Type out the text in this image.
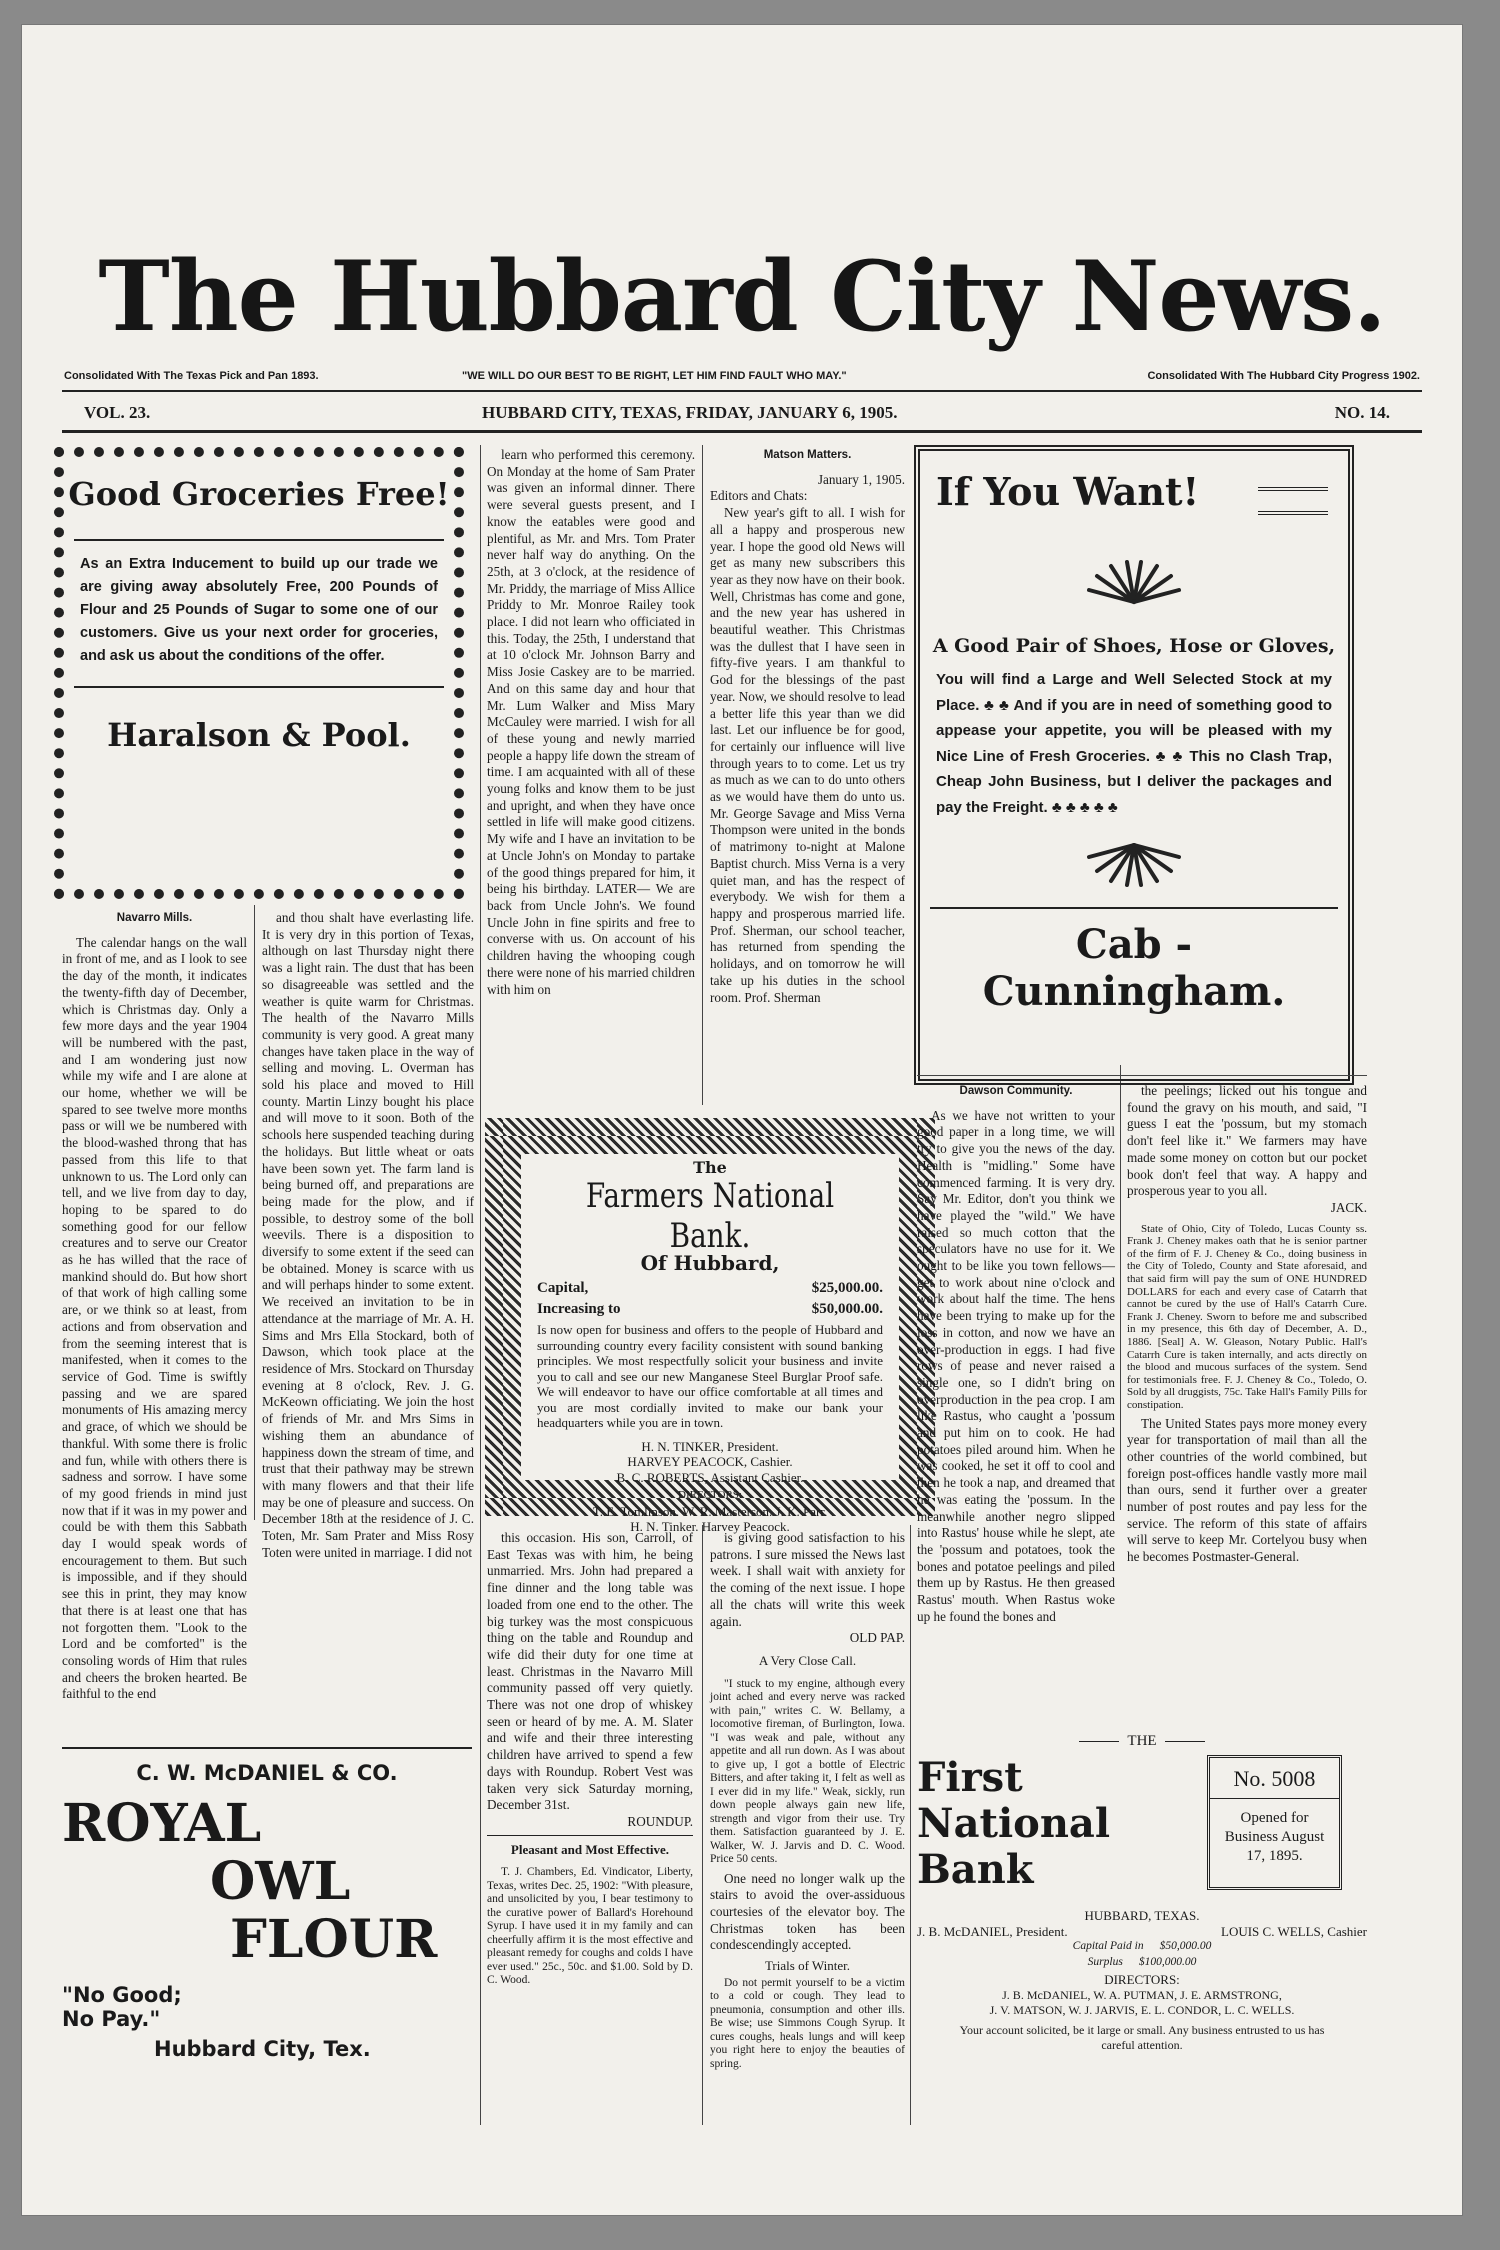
The Hubbard City News.
Consolidated With The Texas Pick and Pan 1893.	"WE WILL DO OUR BEST TO BE RIGHT, LET HIM FIND FAULT WHO MAY."	Consolidated With The Hubbard City Progress 1902.
VOL. 23.	HUBBARD CITY, TEXAS, FRIDAY, JANUARY 6, 1905.	NO. 14.
Good Groceries Free!
As an Extra Inducement to build up our trade we are giving away absolutely Free, 200 Pounds of Flour and 25 Pounds of Sugar to some one of our customers. Give us your next order for groceries, and ask us about the conditions of the offer.
Haralson & Pool.
If You Want!
A Good Pair of Shoes, Hose or Gloves,
You will find a Large and Well Selected Stock at my Place. ♣ ♣ And if you are in need of something good to appease your appetite, you will be pleased with my Nice Line of Fresh Groceries. ♣ ♣ This no Clash Trap, Cheap John Business, but I deliver the packages and pay the Freight. ♣ ♣ ♣ ♣ ♣
Cab - Cunningham.
Navarro Mills.

The calendar hangs on the wall in front of me, and as I look to see the day of the month, it indicates the twenty-fifth day of December, which is Christmas day. Only a few more days and the year 1904 will be numbered with the past, and I am wondering just now while my wife and I are alone at our home, whether we will be spared to see twelve more months pass or will we be numbered with the blood-washed throng that has passed from this life to that unknown to us. The Lord only can tell, and we live from day to day, hoping to be spared to do something good for our fellow creatures and to serve our Creator as he has willed that the race of mankind should do. But how short of that work of high calling some are, or we think so at least, from actions and from observation and from the seeming interest that is manifested, when it comes to the service of God. Time is swiftly passing and we are spared monuments of His amazing mercy and grace, of which we should be thankful. With some there is frolic and fun, while with others there is sadness and sorrow. I have some of my good friends in mind just now that if it was in my power and could be with them this Sabbath day I would speak words of encouragement to them. But such is impossible, and if they should see this in print, they may know that there is at least one that has not forgotten them. "Look to the Lord and be comforted" is the consoling words of Him that rules and cheers the broken hearted. Be faithful to the end

and thou shalt have everlasting life. It is very dry in this portion of Texas, although on last Thursday night there was a light rain. The dust that has been so disagreeable was settled and the weather is quite warm for Christmas. The health of the Navarro Mills community is very good. A great many changes have taken place in the way of selling and moving. L. Overman has sold his place and moved to Hill county. Martin Linzy bought his place and will move to it soon. Both of the schools here suspended teaching during the holidays. But little wheat or oats have been sown yet. The farm land is being burned off, and preparations are being made for the plow, and if possible, to destroy some of the boll weevils. There is a disposition to diversify to some extent if the seed can be obtained. Money is scarce with us and will perhaps hinder to some extent. We received an invitation to be in attendance at the marriage of Mr. A. H. Sims and Mrs Ella Stockard, both of Dawson, which took place at the residence of Mrs. Stockard on Thursday evening at 8 o'clock, Rev. J. G. McKeown officiating. We join the host of friends of Mr. and Mrs Sims in wishing them an abundance of happiness down the stream of time, and trust that their pathway may be strewn with many flowers and that their life may be one of pleasure and success. On December 18th at the residence of J. C. Toten, Mr. Sam Prater and Miss Rosy Toten were united in marriage. I did not

learn who performed this ceremony. On Monday at the home of Sam Prater was given an informal dinner. There were several guests present, and I know the eatables were good and plentiful, as Mr. and Mrs. Tom Prater never half way do anything. On the 25th, at 3 o'clock, at the residence of Mr. Priddy, the marriage of Miss Allice Priddy to Mr. Monroe Railey took place. I did not learn who officiated in this. Today, the 25th, I understand that at 10 o'clock Mr. Johnson Barry and Miss Josie Caskey are to be married. And on this same day and hour that Mr. Lum Walker and Miss Mary McCauley were married. I wish for all of these young and newly married people a happy life down the stream of time. I am acquainted with all of these young folks and know them to be just and upright, and when they have once settled in life will make good citizens. My wife and I have an invitation to be at Uncle John's on Monday to partake of the good things prepared for him, it being his birthday. LATER— We are back from Uncle John's. We found Uncle John in fine spirits and free to converse with us. On account of his children having the whooping cough there were none of his married children with him on

this occasion. His son, Carroll, of East Texas was with him, he being unmarried. Mrs. John had prepared a fine dinner and the long table was loaded from one end to the other. The big turkey was the most conspicuous thing on the table and Roundup and wife did their duty for one time at least. Christmas in the Navarro Mill community passed off very quietly. There was not one drop of whiskey seen or heard of by me. A. M. Slater and wife and their three interesting children have arrived to spend a few days with Roundup. Robert Vest was taken very sick Saturday morning, December 31st.

ROUNDUP.
Pleasant and Most Effective.

T. J. Chambers, Ed. Vindicator, Liberty, Texas, writes Dec. 25, 1902: "With pleasure, and unsolicited by you, I bear testimony to the curative power of Ballard's Horehound Syrup. I have used it in my family and can cheerfully affirm it is the most effective and pleasant remedy for coughs and colds I have ever used." 25c., 50c. and $1.00. Sold by D. C. Wood.

Matson Matters.
January 1, 1905.
Editors and Chats:

New year's gift to all. I wish for all a happy and prosperous new year. I hope the good old News will get as many new subscribers this year as they now have on their book. Well, Christmas has come and gone, and the new year has ushered in beautiful weather. This Christmas was the dullest that I have seen in fifty-five years. I am thankful to God for the blessings of the past year. Now, we should resolve to lead a better life this year than we did last. Let our influence be for good, for certainly our influence will live through years to to come. Let us try as much as we can to do unto others as we would have them do unto us. Mr. George Savage and Miss Verna Thompson were united in the bonds of matrimony to-night at Malone Baptist church. Miss Verna is a very quiet man, and has the respect of everybody. We wish for them a happy and prosperous married life. Prof. Sherman, our school teacher, has returned from spending the holidays, and on tomorrow he will take up his duties in the school room. Prof. Sherman

is giving good satisfaction to his patrons. I sure missed the News last week. I shall wait with anxiety for the coming of the next issue. I hope all the chats will write this week again.

OLD PAP.
A Very Close Call.

"I stuck to my engine, although every joint ached and every nerve was racked with pain," writes C. W. Bellamy, a locomotive fireman, of Burlington, Iowa. "I was weak and pale, without any appetite and all run down. As I was about to give up, I got a bottle of Electric Bitters, and after taking it, I felt as well as I ever did in my life." Weak, sickly, run down people always gain new life, strength and vigor from their use. Try them. Satisfaction guaranteed by J. E. Walker, W. J. Jarvis and D. C. Wood. Price 50 cents.

One need no longer walk up the stairs to avoid the over-assiduous courtesies of the elevator boy. The Christmas token has been condescendingly accepted.

Trials of Winter.

Do not permit yourself to be a victim to a cold or cough. They lead to pneumonia, consumption and other ills. Be wise; use Simmons Cough Syrup. It cures coughs, heals lungs and will keep you right here to enjoy the beauties of spring.

The
Farmers National Bank.
Of Hubbard,
Capital,	$25,000.00.
Increasing to	$50,000.00.
Is now open for business and offers to the people of Hubbard and surrounding country every facility consistent with sound banking principles. We most respectfully solicit your business and invite you to call and see our new Manganese Steel Burglar Proof safe. We will endeavor to have our office comfortable at all times and you are most cordially invited to make our bank your headquarters while you are in town.
H. N. TINKER, President.
HARVEY PEACOCK, Cashier.
B. C. ROBERTS, Assistant Cashier.
DIRECTORS:
T. E. Tomlinson. W. R. Masterson. J. K. Parr.
H. N. Tinker. Harvey Peacock.
Dawson Community.

As we have not written to your good paper in a long time, we will try to give you the news of the day. Health is "midling." Some have commenced farming. It is very dry. Say Mr. Editor, don't you think we have played the "wild." We have raised so much cotton that the speculators have no use for it. We ought to be like you town fellows—get to work about nine o'clock and work about half the time. The hens have been trying to make up for the loss in cotton, and now we have an over-production in eggs. I had five rows of pease and never raised a single one, so I didn't bring on overproduction in the pea crop. I am like Rastus, who caught a 'possum and put him on to cook. He had potatoes piled around him. When he was cooked, he set it off to cool and then he took a nap, and dreamed that he was eating the 'possum. In the meanwhile another negro slipped into Rastus' house while he slept, ate the 'possum and potatoes, took the bones and potatoe peelings and piled them up by Rastus. He then greased Rastus' mouth. When Rastus woke up he found the bones and

the peelings; licked out his tongue and found the gravy on his mouth, and said, "I guess I eat the 'possum, but my stomach don't feel like it." We farmers may have made some money on cotton but our pocket book don't feel that way. A happy and prosperous year to you all.

JACK.

State of Ohio, City of Toledo, Lucas County ss. Frank J. Cheney makes oath that he is senior partner of the firm of F. J. Cheney & Co., doing business in the City of Toledo, County and State aforesaid, and that said firm will pay the sum of ONE HUNDRED DOLLARS for each and every case of Catarrh that cannot be cured by the use of Hall's Catarrh Cure. Frank J. Cheney. Sworn to before me and subscribed in my presence, this 6th day of December, A. D., 1886. [Seal] A. W. Gleason, Notary Public. Hall's Catarrh Cure is taken internally, and acts directly on the blood and mucous surfaces of the system. Send for testimonials free. F. J. Cheney & Co., Toledo, O. Sold by all druggists, 75c. Take Hall's Family Pills for constipation.

The United States pays more money every year for transportation of mail than all the other countries of the world combined, but foreign post-offices handle vastly more mail than ours, send it further over a greater number of post routes and pay less for the service. The reform of this state of affairs will serve to keep Mr. Cortelyou busy when he becomes Postmaster-General.

C. W. McDANIEL & CO.
ROYAL
OWL
FLOUR
"No Good;
No Pay."
Hubbard City, Tex.
THE
First
National
Bank
No. 5008
Opened for Business August 17, 1895.
HUBBARD, TEXAS.
J. B. McDANIEL, President.	LOUIS C. WELLS, Cashier
Capital Paid in $50,000.00
Surplus $100,000.00
DIRECTORS:
J. B. McDANIEL, W. A. PUTMAN, J. E. ARMSTRONG,
J. V. MATSON, W. J. JARVIS, E. L. CONDOR, L. C. WELLS.
Your account solicited, be it large or small. Any business entrusted to us has careful attention.
